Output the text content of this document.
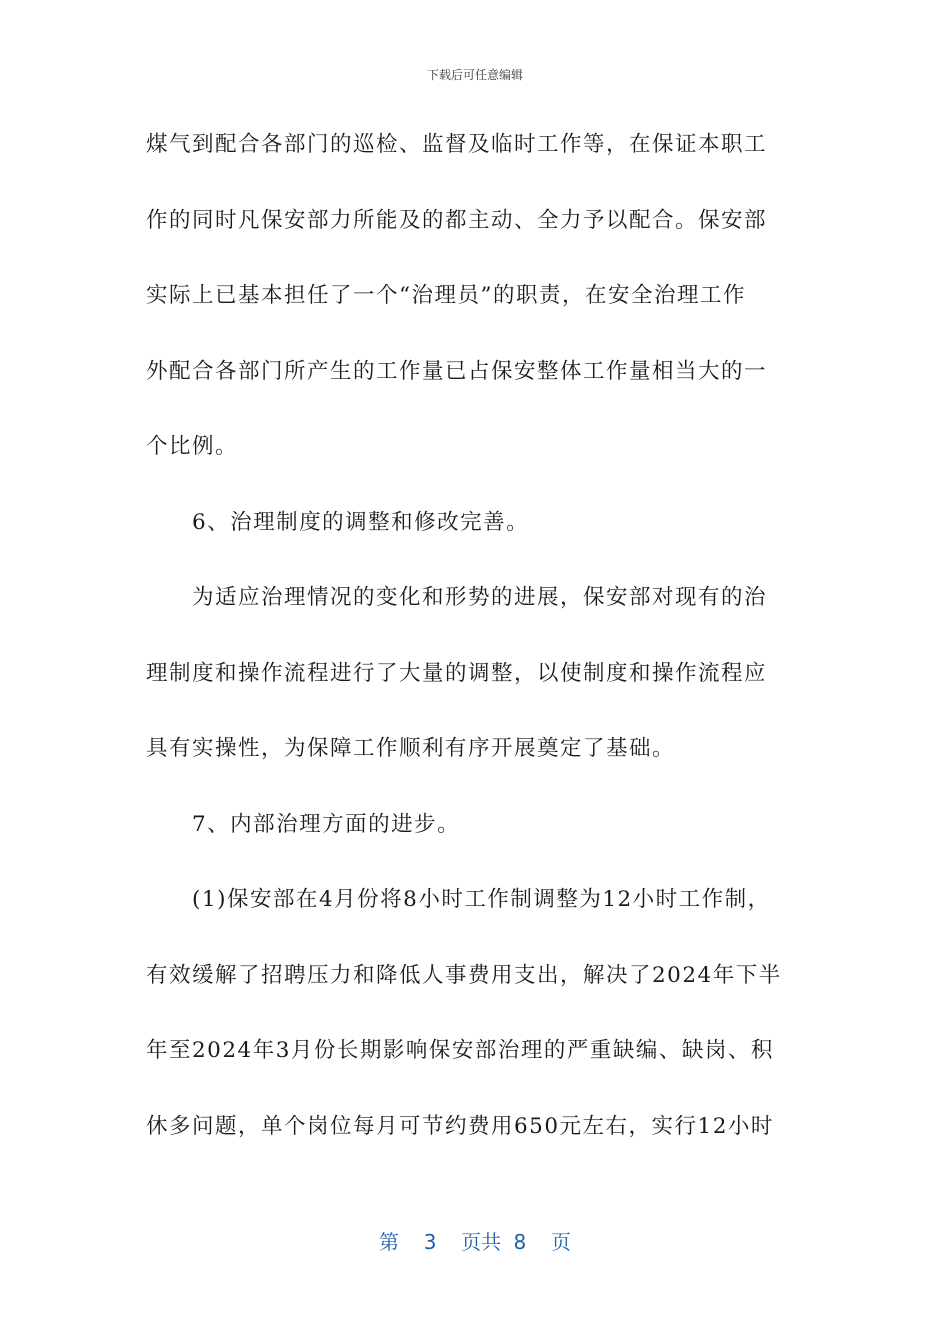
下载后可任意编辑
煤气到配合各部门的巡检、监督及临时工作等，在保证本职工
作的同时凡保安部力所能及的都主动、全力予以配合。保安部
实际上已基本担任了一个“治理员”的职责，在安全治理工作
外配合各部门所产生的工作量已占保安整体工作量相当大的一
个比例。
6、治理制度的调整和修改完善。
为适应治理情况的变化和形势的进展，保安部对现有的治
理制度和操作流程进行了大量的调整，以使制度和操作流程应
具有实操性，为保障工作顺利有序开展奠定了基础。
7、内部治理方面的进步。
(1)保安部在4月份将8小时工作制调整为12小时工作制，
有效缓解了招聘压力和降低人事费用支出，解决了2024年下半
年至2024年3月份长期影响保安部治理的严重缺编、缺岗、积
休多问题，单个岗位每月可节约费用650元左右，实行12小时
第  3  页共 8  页
